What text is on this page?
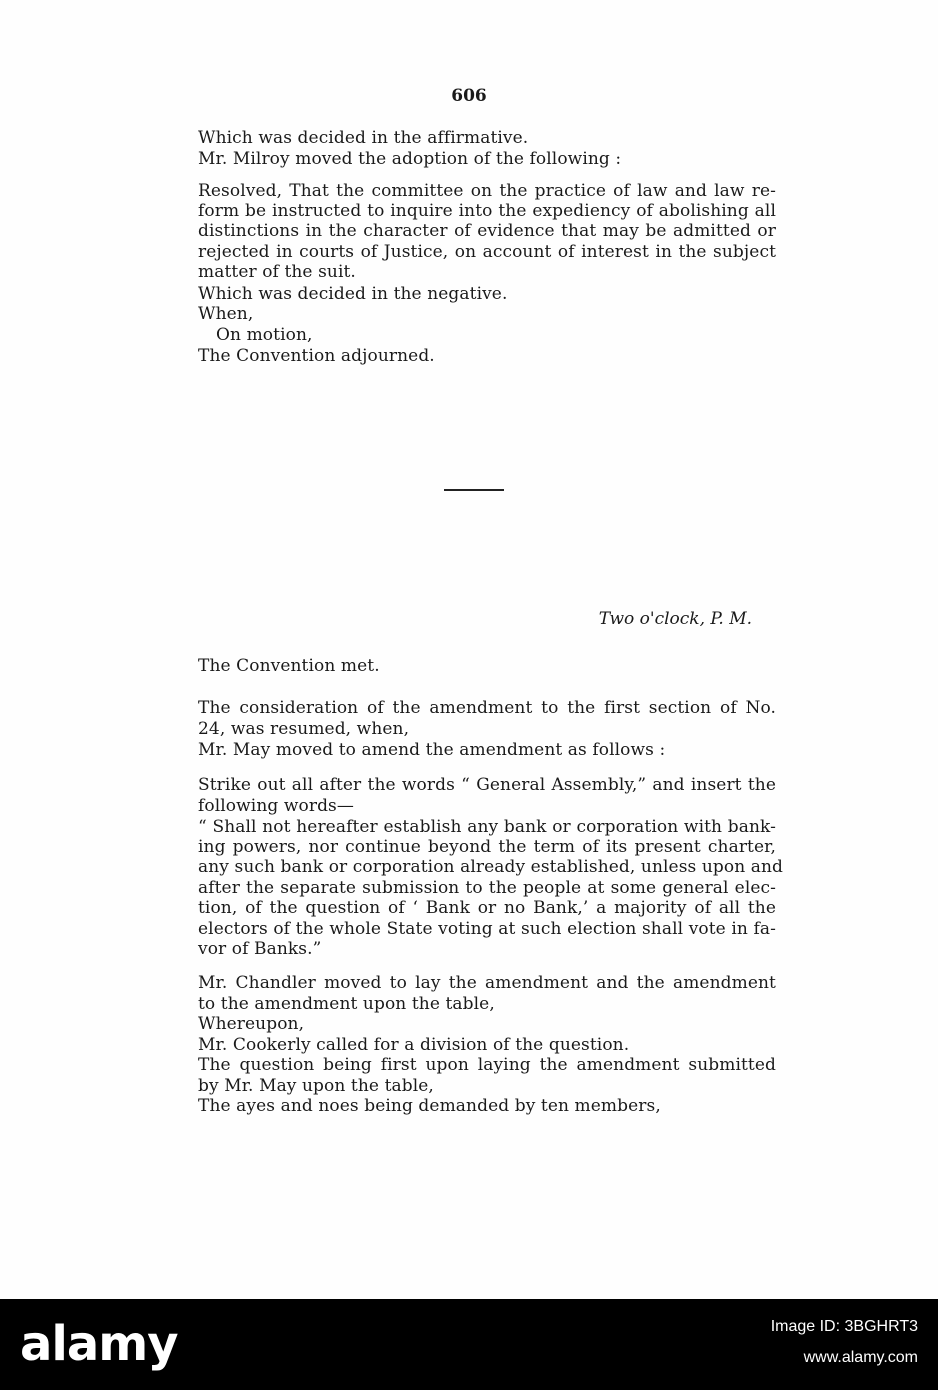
606
Which was decided in the affirmative.
Mr. Milroy moved the adoption of the following :
Resolved, That the committee on the practice of law and law re-
form be instructed to inquire into the expediency of abolishing all
distinctions in the character of evidence that may be admitted or
rejected in courts of Justice, on account of interest in the subject
matter of the suit.
Which was decided in the negative.
When,
On motion,
The Convention adjourned.
Two o'clock, P. M.
The Convention met.
The consideration of the amendment to the first section of No.
24, was resumed, when,
Mr. May moved to amend the amendment as follows :
Strike out all after the words “ General Assembly,” and insert the
following words—
“ Shall not hereafter establish any bank or corporation with bank-
ing powers, nor continue beyond the term of its present charter,
any such bank or corporation already established, unless upon and
after the separate submission to the people at some general elec-
tion, of the question of ‘ Bank or no Bank,’ a majority of all the
electors of the whole State voting at such election shall vote in fa-
vor of Banks.”
Mr. Chandler moved to lay the amendment and the amendment
to the amendment upon the table,
Whereupon,
Mr. Cookerly called for a division of the question.
The question being first upon laying the amendment submitted
by Mr. May upon the table,
The ayes and noes being demanded by ten members,
alamy	Image ID: 3BGHRT3
www.alamy.com
